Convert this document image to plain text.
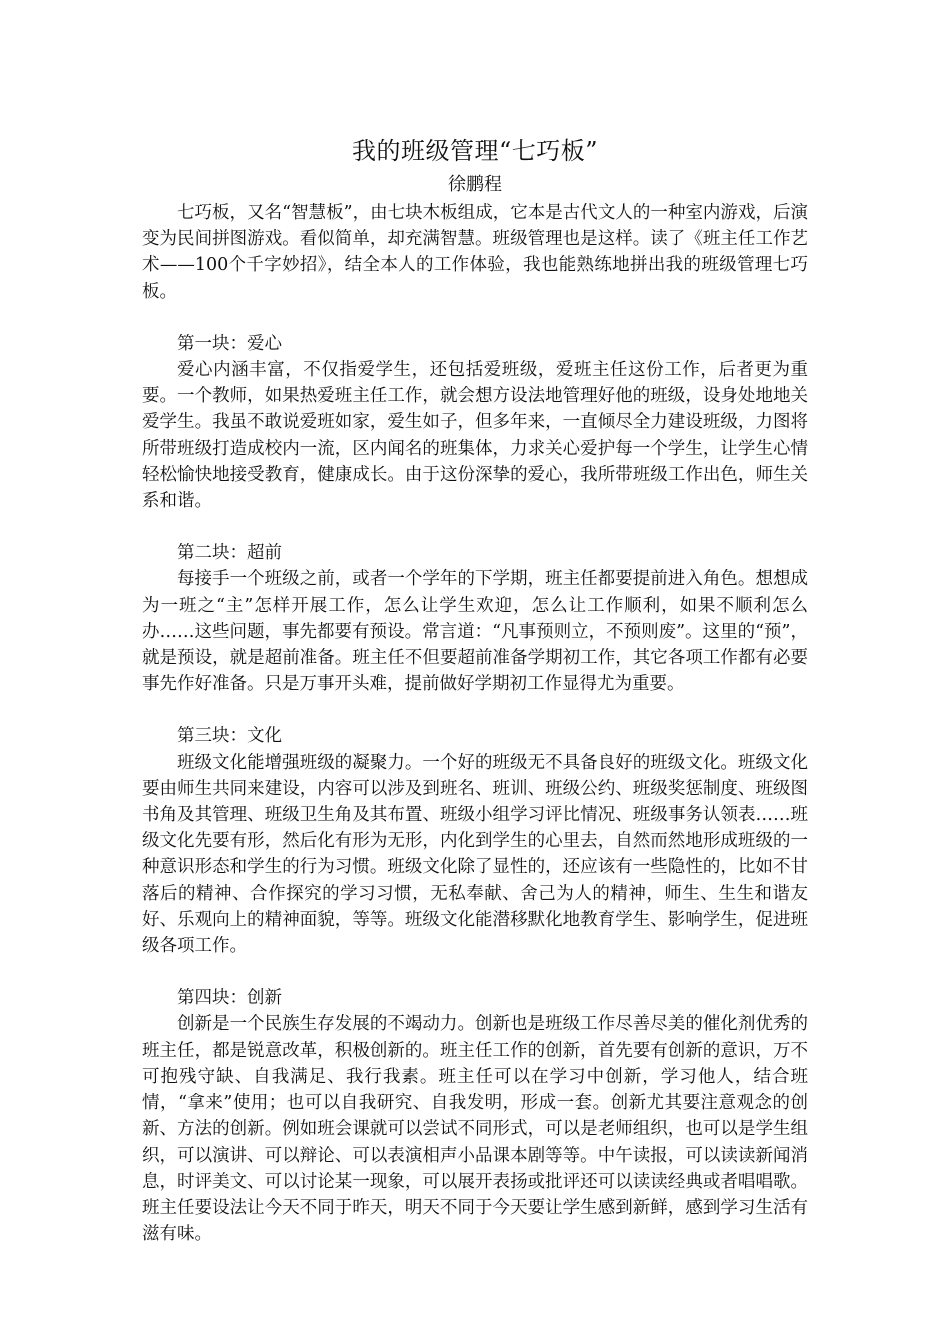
我的班级管理“七巧板”

徐鹏程

七巧板，又名“智慧板”，由七块木板组成，它本是古代文人的一种室内游戏，后演变为民间拼图游戏。看似简单，却充满智慧。班级管理也是这样。读了《班主任工作艺术——100个千字妙招》，结全本人的工作体验，我也能熟练地拼出我的班级管理七巧板。

第一块：爱心

爱心内涵丰富，不仅指爱学生，还包括爱班级，爱班主任这份工作，后者更为重要。一个教师，如果热爱班主任工作，就会想方设法地管理好他的班级，设身处地地关爱学生。我虽不敢说爱班如家，爱生如子，但多年来，一直倾尽全力建设班级，力图将所带班级打造成校内一流，区内闻名的班集体，力求关心爱护每一个学生，让学生心情轻松愉快地接受教育，健康成长。由于这份深挚的爱心，我所带班级工作出色，师生关系和谐。

第二块：超前

每接手一个班级之前，或者一个学年的下学期，班主任都要提前进入角色。想想成为一班之“主”怎样开展工作，怎么让学生欢迎，怎么让工作顺利，如果不顺利怎么办……这些问题，事先都要有预设。常言道：“凡事预则立，不预则废”。这里的“预”，就是预设，就是超前准备。班主任不但要超前准备学期初工作，其它各项工作都有必要事先作好准备。只是万事开头难，提前做好学期初工作显得尤为重要。

第三块：文化

班级文化能增强班级的凝聚力。一个好的班级无不具备良好的班级文化。班级文化要由师生共同来建设，内容可以涉及到班名、班训、班级公约、班级奖惩制度、班级图书角及其管理、班级卫生角及其布置、班级小组学习评比情况、班级事务认领表……班级文化先要有形，然后化有形为无形，内化到学生的心里去，自然而然地形成班级的一种意识形态和学生的行为习惯。班级文化除了显性的，还应该有一些隐性的，比如不甘落后的精神、合作探究的学习习惯，无私奉献、舍己为人的精神，师生、生生和谐友好、乐观向上的精神面貌，等等。班级文化能潜移默化地教育学生、影响学生，促进班级各项工作。

第四块：创新

创新是一个民族生存发展的不竭动力。创新也是班级工作尽善尽美的催化剂优秀的班主任，都是锐意改革，积极创新的。班主任工作的创新，首先要有创新的意识，万不可抱残守缺、自我满足、我行我素。班主任可以在学习中创新，学习他人，结合班情，“拿来”使用；也可以自我研究、自我发明，形成一套。创新尤其要注意观念的创新、方法的创新。例如班会课就可以尝试不同形式，可以是老师组织，也可以是学生组织，可以演讲、可以辩论、可以表演相声小品课本剧等等。中午读报，可以读读新闻消息，时评美文、可以讨论某一现象，可以展开表扬或批评还可以读读经典或者唱唱歌。班主任要设法让今天不同于昨天，明天不同于今天要让学生感到新鲜，感到学习生活有滋有味。
